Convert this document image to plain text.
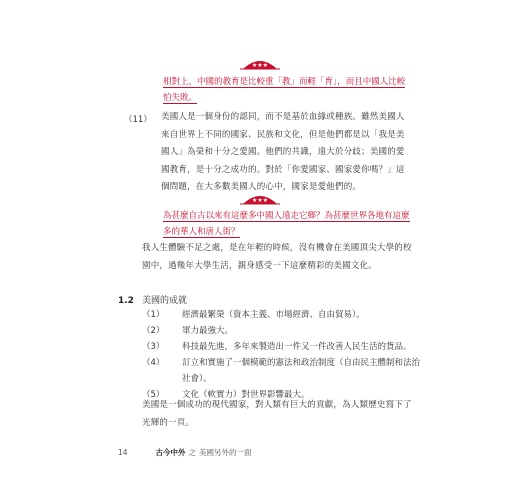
★★★
相對上，中國的教育是比較重「教」而輕「育」，而且中國人比較
怕失敗。
（11） 美國人是一個身份的認同，而不是基於血緣或種族。雖然美國人
來自世界上不同的國家、民族和文化，但是他們都是以「我是美
國人」為榮和十分之愛國。他們的共識，遠大於分歧；美國的愛
國教育，是十分之成功的。對於「你愛國家、國家愛你嗎？」這
個問題，在大多數美國人的心中，國家是愛他們的。
★★★
為甚麼自古以來有這麼多中國人遠走它鄉？為甚麼世界各地有這麼
多的華人和唐人街？
我人生體驗不足之處，是在年輕的時候，沒有機會在美國頂尖大學的校
園中，過幾年大學生活，親身感受一下這麼精彩的美國文化。
1.2 美國的成就
（1）	經濟最繁榮（資本主義、市場經濟、自由貿易）。
（2）	軍力最強大。
（3）	科技最先進，多年來製造出一件又一件改善人民生活的貨品。
（4）	訂立和實施了一個模範的憲法和政治制度（自由民主體制和法治
社會）。
（5）	文化（軟實力）對世界影響最大。
美國是一個成功的現代國家，對人類有巨大的貢獻，為人類歷史寫下了
光輝的一頁。
14	古今中外 之 美國另外的一面
